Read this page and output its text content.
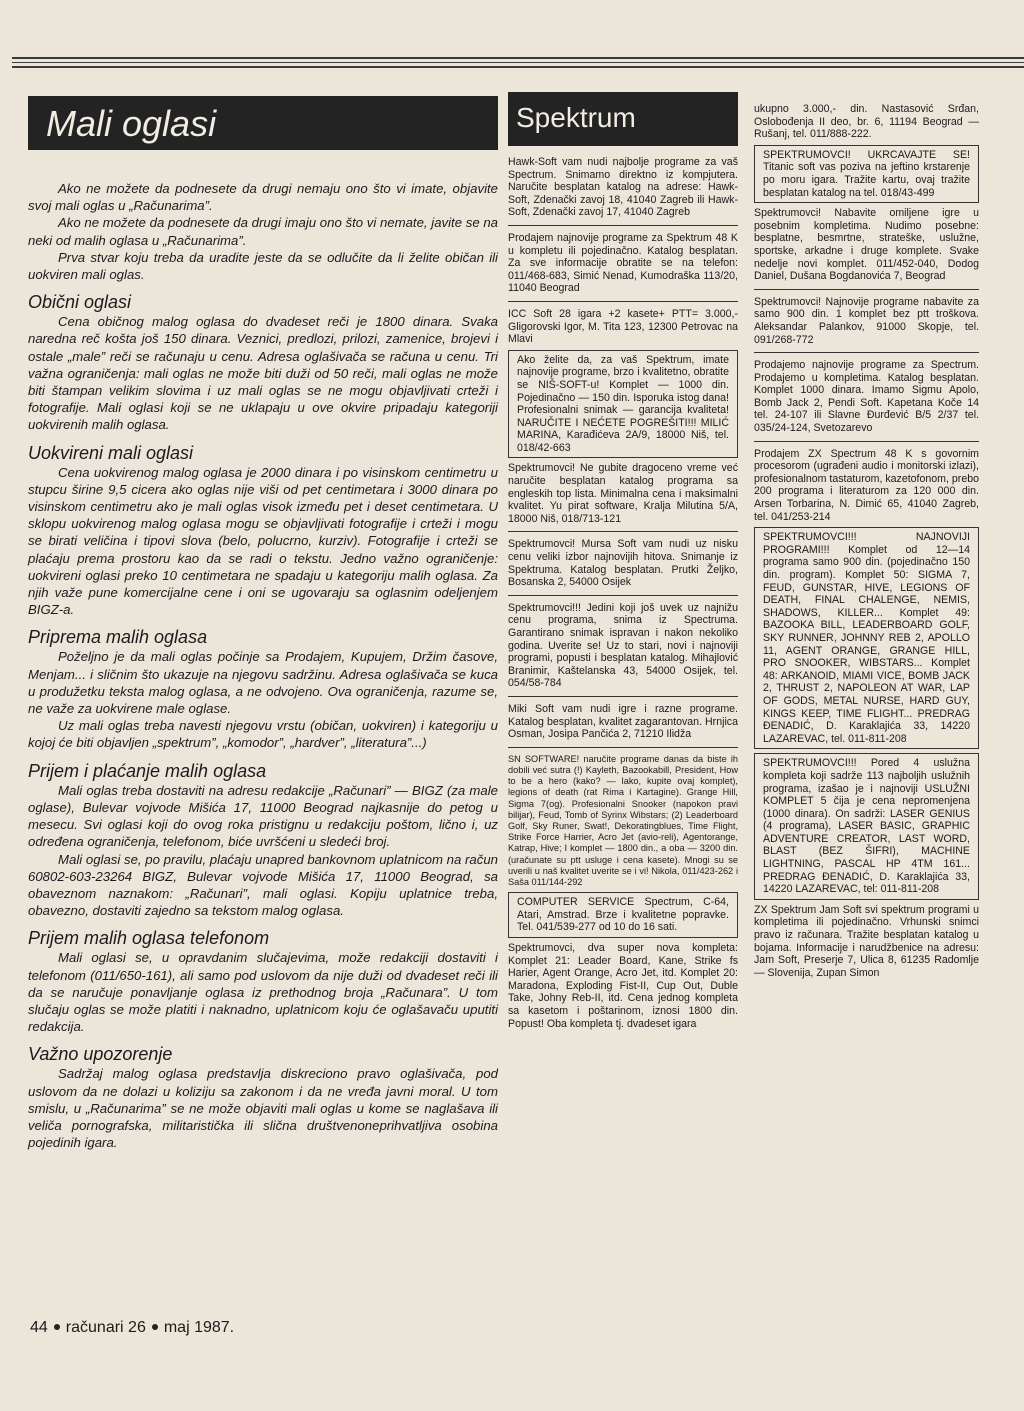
Mali oglasi

Ako ne možete da podnesete da drugi nemaju ono što vi imate, objavite svoj mali oglas u „Računarima”.

Ako ne možete da podnesete da drugi imaju ono što vi nemate, javite se na neki od malih oglasa u „Računarima”.

Prva stvar koju treba da uradite jeste da se odlučite da li želite običan ili uokviren mali oglas.

Obični oglasi

Cena običnog malog oglasa do dvadeset reči je 1800 dinara. Svaka naredna reč košta još 150 dinara. Veznici, predlozi, prilozi, zamenice, brojevi i ostale „male” reči se računaju u cenu. Adresa oglašivača se računa u cenu. Tri važna ograničenja: mali oglas ne može biti duži od 50 reči, mali oglas ne može biti štampan velikim slovima i uz mali oglas se ne mogu objavljivati crteži i fotografije. Mali oglasi koji se ne uklapaju u ove okvire pripadaju kategoriji uokvirenih malih oglasa.

Uokvireni mali oglasi

Cena uokvirenog malog oglasa je 2000 dinara i po visinskom centimetru u stupcu širine 9,5 cicera ako oglas nije viši od pet centimetara i 3000 dinara po visinskom centimetru ako je mali oglas visok između pet i deset centimetara. U sklopu uokvirenog malog oglasa mogu se objavljivati fotografije i crteži i mogu se birati veličina i tipovi slova (belo, polucrno, kurziv). Fotografije i crteži se plaćaju prema prostoru kao da se radi o tekstu. Jedno važno ograničenje: uokvireni oglasi preko 10 centimetara ne spadaju u kategoriju malih oglasa. Za njih važe pune komercijalne cene i oni se ugovaraju sa oglasnim odeljenjem BIGZ-a.

Priprema malih oglasa

Poželjno je da mali oglas počinje sa Prodajem, Kupujem, Držim časove, Menjam... i sličnim što ukazuje na njegovu sadržinu. Adresa oglašivača se kuca u produžetku teksta malog oglasa, a ne odvojeno. Ova ograničenja, razume se, ne važe za uokvirene male oglase.

Uz mali oglas treba navesti njegovu vrstu (običan, uokviren) i kategoriju u kojoj će biti objavljen „spektrum”, „komodor”, „hardver”, „literatura”...)

Prijem i plaćanje malih oglasa

Mali oglas treba dostaviti na adresu redakcije „Računari” — BIGZ (za male oglase), Bulevar vojvode Mišića 17, 11000 Beograd najkasnije do petog u mesecu. Svi oglasi koji do ovog roka pristignu u redakciju poštom, lično i, uz određena ograničenja, telefonom, biće uvršćeni u sledeći broj.

Mali oglasi se, po pravilu, plaćaju unapred bankovnom uplatnicom na račun 60802-603-23264 BIGZ, Bulevar vojvode Mišića 17, 11000 Beograd, sa obaveznom naznakom: „Računari”, mali oglasi. Kopiju uplatnice treba, obavezno, dostaviti zajedno sa tekstom malog oglasa.

Prijem malih oglasa telefonom

Mali oglasi se, u opravdanim slučajevima, može redakciji dostaviti i telefonom (011/650-161), ali samo pod uslovom da nije duži od dvadeset reči ili da se naručuje ponavljanje oglasa iz prethodnog broja „Računara”. U tom slučaju oglas se može platiti i naknadno, uplatnicom koju će oglašavaču uputiti redakcija.

Važno upozorenje

Sadržaj malog oglasa predstavlja diskreciono pravo oglašivača, pod uslovom da ne dolazi u koliziju sa zakonom i da ne vređa javni moral. U tom smislu, u „Računarima” se ne može objaviti mali oglas u kome se naglašava ili veliča pornografska, militaristička ili slična društvenoneprihvatljiva osobina pojedinih igara.

Spektrum

Hawk-Soft vam nudi najbolje programe za vaš Spectrum. Snimamo direktno iz kompjutera. Naručite besplatan katalog na adrese: Hawk-Soft, Zdenački zavoj 18, 41040 Zagreb ili Hawk-Soft, Zdenački zavoj 17, 41040 Zagreb

Prodajem najnovije programe za Spektrum 48 K u kompletu ili pojedinačno. Katalog besplatan. Za sve informacije obratite se na telefon: 011/468-683, Simić Nenad, Kumodraška 113/20, 11040 Beograd

ICC Soft 28 igara +2 kasete+ PTT= 3.000,- Gligorovski Igor, M. Tita 123, 12300 Petrovac na Mlavi

Ako želite da, za vaš Spektrum, imate najnovije programe, brzo i kvalitetno, obratite se NIŠ-SOFT-u! Komplet — 1000 din. Pojedinačno — 150 din. Isporuka istog dana! Profesionalni snimak — garancija kvaliteta! NARUČITE I NEĆETE POGREŠITI!!! MILIĆ MARINA, Karađićeva 2A/9, 18000 Niš, tel. 018/42-663

Spektrumovci! Ne gubite dragoceno vreme već naručite besplatan katalog programa sa engleskih top lista. Minimalna cena i maksimalni kvalitet. Yu pirat software, Kralja Milutina 5/A, 18000 Niš, 018/713-121

Spektrumovci! Mursa Soft vam nudi uz nisku cenu veliki izbor najnovijih hitova. Snimanje iz Spektruma. Katalog besplatan. Prutki Željko, Bosanska 2, 54000 Osijek

Spektrumovci!!! Jedini koji još uvek uz najnižu cenu programa, snima iz Spectruma. Garantirano snimak ispravan i nakon nekoliko godina. Uverite se! Uz to stari, novi i najnoviji programi, popusti i besplatan katalog. Mihajlović Branimir, Kaštelanska 43, 54000 Osijek, tel. 054/58-784

Miki Soft vam nudi igre i razne programe. Katalog besplatan, kvalitet zagarantovan. Hrnjica Osman, Josipa Pančića 2, 71210 Ilidža

SN SOFTWARE! naručite programe danas da biste ih dobili već sutra (!) Kayleth, Bazookabill, President, How to be a hero (kako? — lako, kupite ovaj komplet), legions of death (rat Rima i Kartagine). Grange Hill, Sigma 7(og). Profesionalni Snooker (napokon pravi bilijar), Feud, Tomb of Syrinx Wibstars; (2) Leaderboard Golf, Sky Runer, Swat!, Dekoratingblues, Time Flight, Strike Force Harrier, Acro Jet (avio-reli), Agentorange, Katrap, Hive; I komplet — 1800 din., a oba — 3200 din. (uračunate su ptt usluge i cena kasete). Mnogi su se uverili u naš kvalitet uverite se i vi! Nikola, 011/423-262 i Saša 011/144-292

COMPUTER SERVICE Spectrum, C-64, Atari, Amstrad. Brze i kvalitetne popravke. Tel. 041/539-277 od 10 do 16 sati.

Spektrumovci, dva super nova kompleta: Komplet 21: Leader Board, Kane, Strike fs Harier, Agent Orange, Acro Jet, itd. Komplet 20: Maradona, Exploding Fist-II, Cup Out, Duble Take, Johny Reb-II, itd. Cena jednog kompleta sa kasetom i poštarinom, iznosi 1800 din. Popust! Oba kompleta tj. dvadeset igara

ukupno 3.000,- din. Nastasović Srđan, Oslobođenja II deo, br. 6, 11194 Beograd — Rušanj, tel. 011/888-222.

SPEKTRUMOVCI! UKRCAVAJTE SE! Titanic soft vas poziva na jeftino krstarenje po moru igara. Tražite kartu, ovaj tražite besplatan katalog na tel. 018/43-499

Spektrumovci! Nabavite omiljene igre u posebnim kompletima. Nudimo posebne: besplatne, besmrtne, strateške, uslužne, sportske, arkadne i druge komplete. Svake nedelje novi komplet. 011/452-040, Dodog Daniel, Dušana Bogdanovića 7, Beograd

Spektrumovci! Najnovije programe nabavite za samo 900 din. 1 komplet bez ptt troškova. Aleksandar Palankov, 91000 Skopje, tel. 091/268-772

Prodajemo najnovije programe za Spectrum. Prodajemo u kompletima. Katalog besplatan. Komplet 1000 dinara. Imamo Sigmu Apolo, Bomb Jack 2, Pendi Soft. Kapetana Koče 14 tel. 24-107 ili Slavne Đurđević B/5 2/37 tel. 035/24-124, Svetozarevo

Prodajem ZX Spectrum 48 K s govornim procesorom (ugrađeni audio i monitorski izlazi), profesionalnom tastaturom, kazetofonom, prebo 200 programa i literaturom za 120 000 din. Arsen Torbarina, N. Dimić 65, 41040 Zagreb, tel. 041/253-214

SPEKTRUMOVCI!!! NAJNOVIJI PROGRAMI!!! Komplet od 12—14 programa samo 900 din. (pojedinačno 150 din. program). Komplet 50: SIGMA 7, FEUD, GUNSTAR, HIVE, LEGIONS OF DEATH, FINAL CHALENGE, NEMIS, SHADOWS, KILLER... Komplet 49: BAZOOKA BILL, LEADERBOARD GOLF, SKY RUNNER, JOHNNY REB 2, APOLLO 11, AGENT ORANGE, GRANGE HILL, PRO SNOOKER, WIBSTARS... Komplet 48: ARKANOID, MIAMI VICE, BOMB JACK 2, THRUST 2, NAPOLEON AT WAR, LAP OF GODS, METAL NURSE, HARD GUY, KINGS KEEP, TIME FLIGHT... PREDRAG ĐENADIĆ, D. Karaklajića 33, 14220 LAZAREVAC, tel. 011-811-208

SPEKTRUMOVCI!!! Pored 4 uslužna kompleta koji sadrže 113 najboljih uslužnih programa, izašao je i najnoviji USLUŽNI KOMPLET 5 čija je cena nepromenjena (1000 dinara). On sadrži: LASER GENIUS (4 programa), LASER BASIC, GRAPHIC ADVENTURE CREATOR, LAST WORD, BLAST (BEZ ŠIFRI), MACHINE LIGHTNING, PASCAL HP 4TM 161... PREDRAG ĐENADIĆ, D. Karaklajića 33, 14220 LAZAREVAC, tel: 011-811-208

ZX Spektrum Jam Soft svi spektrum programi u kompletima ili pojedinačno. Vrhunski snimci pravo iz računara. Tražite besplatan katalog u bojama. Informacije i narudžbenice na adresu: Jam Soft, Preserje 7, Ulica 8, 61235 Radomlje — Slovenija, Zupan Simon

44 računari 26 maj 1987.
